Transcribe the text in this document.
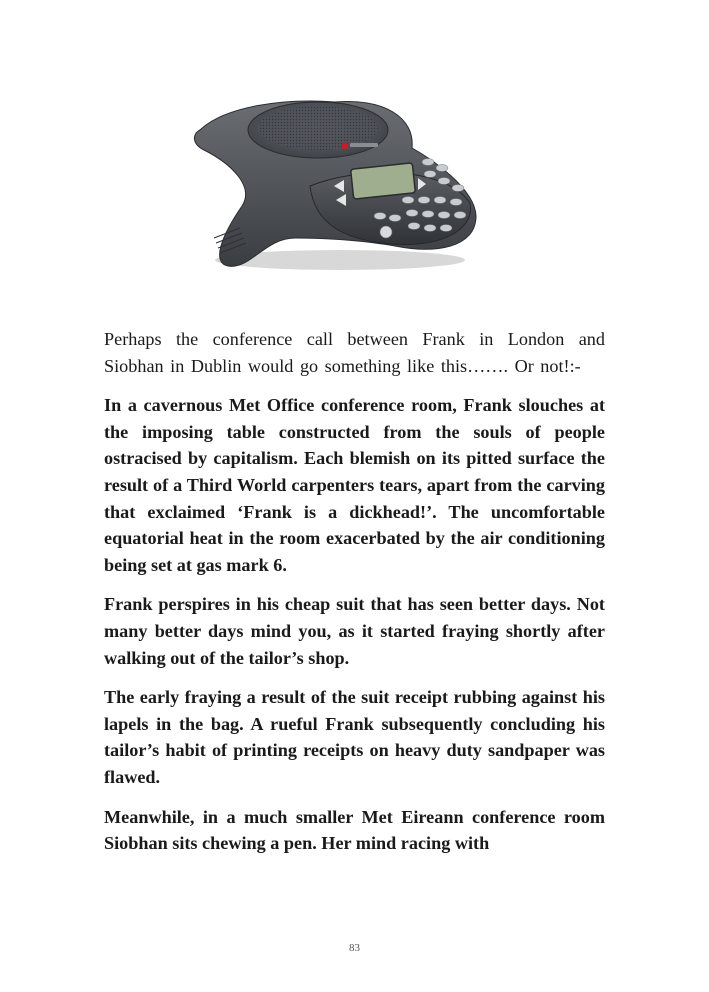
Perhaps the conference call between Frank in London and Siobhan in Dublin would go something like this……. Or not!:-

In a cavernous Met Office conference room, Frank slouches at the imposing table constructed from the souls of people ostracised by capitalism. Each blemish on its pitted surface the result of a Third World carpenters tears, apart from the carving that exclaimed ‘Frank is a dickhead!’. The uncomfortable equatorial heat in the room exacerbated by the air conditioning being set at gas mark 6.

Frank perspires in his cheap suit that has seen better days. Not many better days mind you, as it started fraying shortly after walking out of the tailor’s shop.

The early fraying a result of the suit receipt rubbing against his lapels in the bag. A rueful Frank subsequently concluding his tailor’s habit of printing receipts on heavy duty sandpaper was flawed.

Meanwhile, in a much smaller Met Eireann conference room Siobhan sits chewing a pen. Her mind racing with

83
